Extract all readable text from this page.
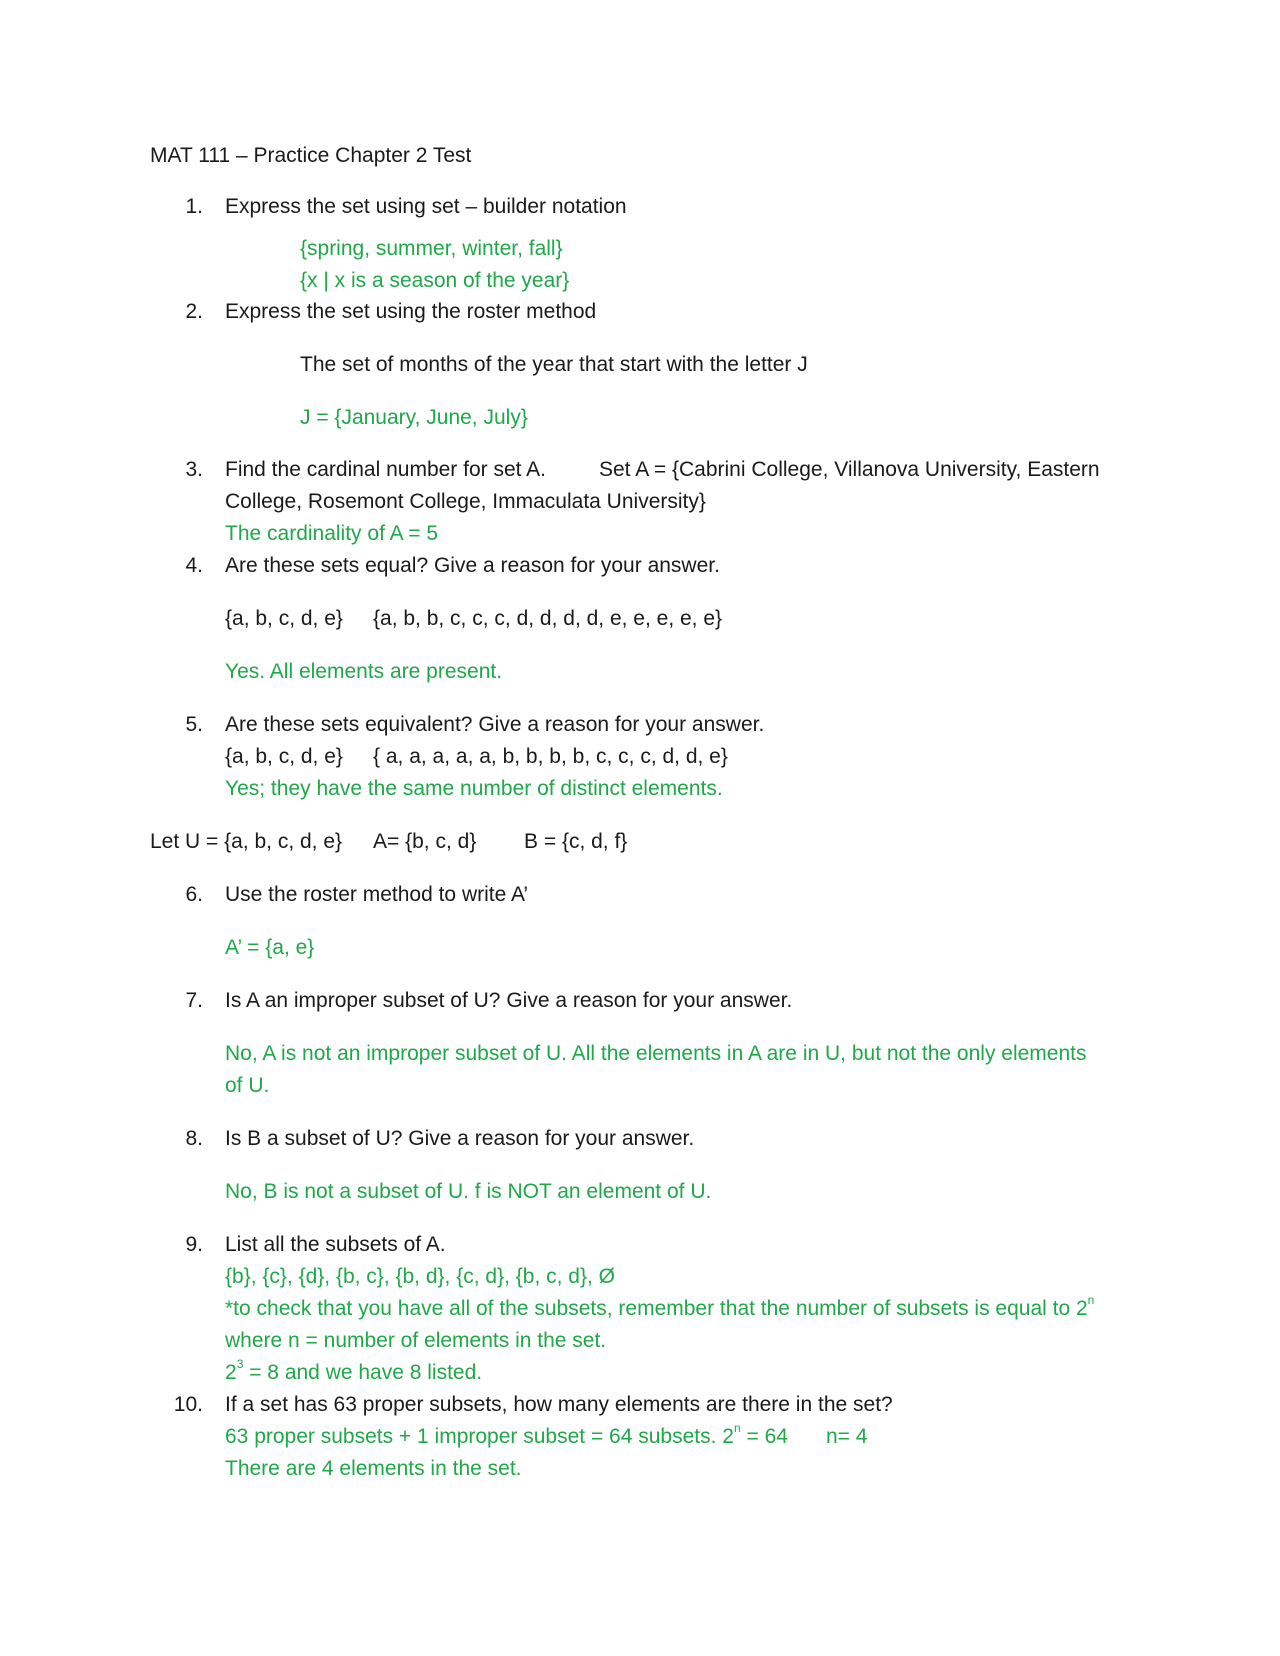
MAT 111 – Practice Chapter 2 Test
1. Express the set using set – builder notation
{spring, summer, winter, fall}
{x | x is a season of the year}
2. Express the set using the roster method
The set of months of the year that start with the letter J
J = {January, June, July}
3. Find the cardinal number for set A.	Set A = {Cabrini College, Villanova University, Eastern
College, Rosemont College, Immaculata University}
The cardinality of A = 5
4. Are these sets equal? Give a reason for your answer.
{a, b, c, d, e} {a, b, b, c, c, c, d, d, d, d, e, e, e, e, e}
Yes. All elements are present.
5. Are these sets equivalent? Give a reason for your answer.
{a, b, c, d, e} { a, a, a, a, a, b, b, b, b, c, c, c, d, d, e}
Yes; they have the same number of distinct elements.
Let U = {a, b, c, d, e} A= {b, c, d} B = {c, d, f}
6. Use the roster method to write A’
A’ = {a, e}
7. Is A an improper subset of U? Give a reason for your answer.
No, A is not an improper subset of U. All the elements in A are in U, but not the only elements
of U.
8. Is B a subset of U? Give a reason for your answer.
No, B is not a subset of U. f is NOT an element of U.
9. List all the subsets of A.
{b}, {c}, {d}, {b, c}, {b, d}, {c, d}, {b, c, d}, Ø
*to check that you have all of the subsets, remember that the number of subsets is equal to 2$^n$
where n = number of elements in the set.
$2^3 = 8$ and we have 8 listed.
10. If a set has 63 proper subsets, how many elements are there in the set?
63 proper subsets + 1 improper subset = 64 subsets. $2^n = 64$ n= 4
There are 4 elements in the set.
